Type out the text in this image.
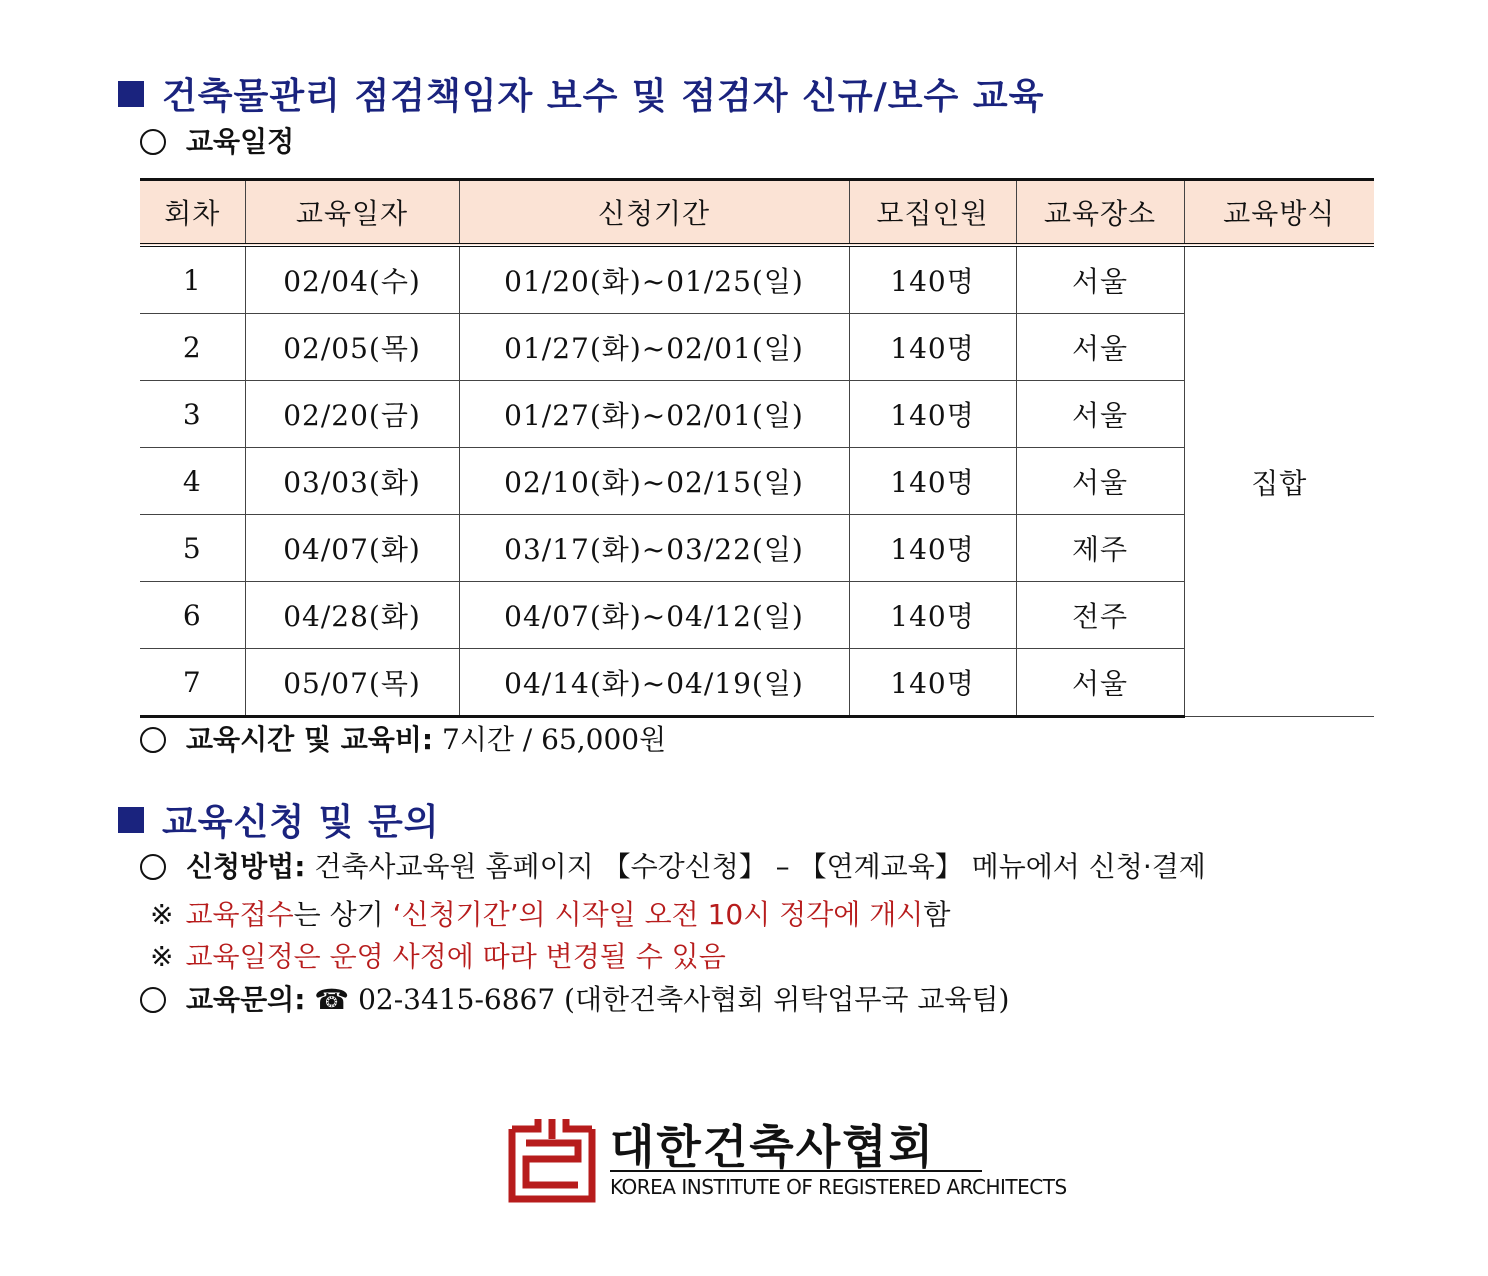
건축물관리 점검책임자 보수 및 점검자 신규/보수 교육
교육일정
회차	교육일자	신청기간	모집인원	교육장소	교육방식
1	02/04(수)	01/20(화)~01/25(일)	140명	서울	집합
2	02/05(목)	01/27(화)~02/01(일)	140명	서울	
3	02/20(금)	01/27(화)~02/01(일)	140명	서울	
4	03/03(화)	02/10(화)~02/15(일)	140명	서울	
5	04/07(화)	03/17(화)~03/22(일)	140명	제주	
6	04/28(화)	04/07(화)~04/12(일)	140명	전주	
7	05/07(목)	04/14(화)~04/19(일)	140명	서울	
교육시간 및 교육비:
7시간 / 65,000원
교육신청 및 문의
신청방법:
건축사교육원 홈페이지 【수강신청】 – 【연계교육】 메뉴에서 신청·결제
※ 교육접수는 상기 ‘신청기간’의 시작일 오전 10시 정각에 개시함
※ 교육일정은 운영 사정에 따라 변경될 수 있음
교육문의:
☎
02-3415-6867 (대한건축사협회 위탁업무국 교육팀)
대한건축사협회
KOREA INSTITUTE OF REGISTERED ARCHITECTS
